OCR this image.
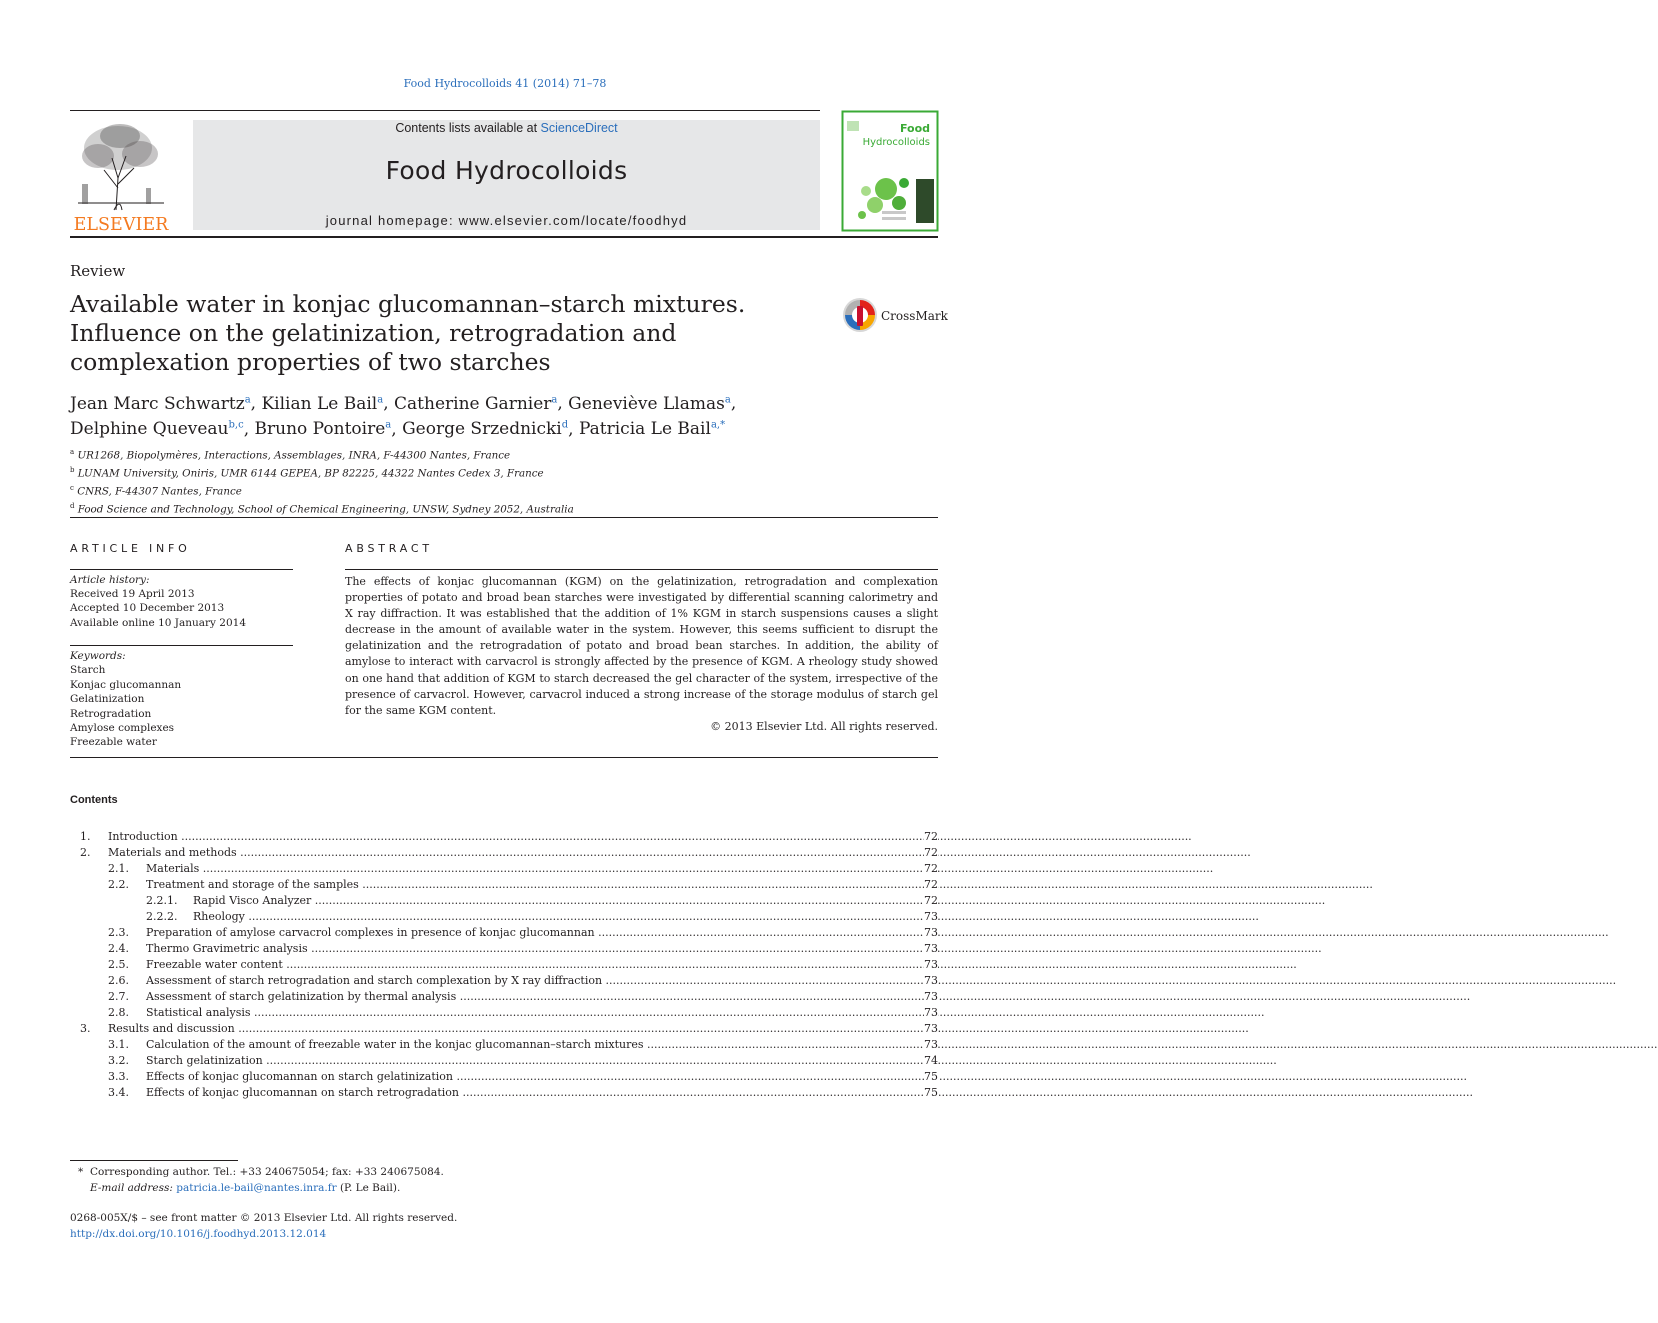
Food Hydrocolloids 41 (2014) 71–78
ELSEVIER
Contents lists available at ScienceDirect
Food Hydrocolloids
journal homepage: www.elsevier.com/locate/foodhyd
Food
Hydrocolloids
Review
Available water in konjac glucomannan–starch mixtures. Influence on the gelatinization, retrogradation and complexation properties of two starches
CrossMark
Jean Marc Schwartz$^a$, Kilian Le Bail$^a$, Catherine Garnier$^a$, Geneviève Llamas$^a$,
Delphine Queveau$^{b,c}$, Bruno Pontoire$^a$, George Srzednicki$^d$, Patricia Le Bail$^{a,*}$
$^a$ UR1268, Biopolymères, Interactions, Assemblages, INRA, F-44300 Nantes, France
$^b$ LUNAM University, Oniris, UMR 6144 GEPEA, BP 82225, 44322 Nantes Cedex 3, France
$^c$ CNRS, F-44307 Nantes, France
$^d$ Food Science and Technology, School of Chemical Engineering, UNSW, Sydney 2052, Australia
ARTICLE INFO	ABSTRACT
Article history:
Received 19 April 2013
Accepted 10 December 2013
Available online 10 January 2014
Keywords:
Starch
Konjac glucomannan
Gelatinization
Retrogradation
Amylose complexes
Freezable water
The effects of konjac glucomannan (KGM) on the gelatinization, retrogradation and complexation properties of potato and broad bean starches were investigated by differential scanning calorimetry and X ray diffraction. It was established that the addition of 1% KGM in starch suspensions causes a slight decrease in the amount of available water in the system. However, this seems sufficient to disrupt the gelatinization and the retrogradation of potato and broad bean starches. In addition, the ability of amylose to interact with carvacrol is strongly affected by the presence of KGM. A rheology study showed on one hand that addition of KGM to starch decreased the gel character of the system, irrespective of the presence of carvacrol. However, carvacrol induced a strong increase of the storage modulus of starch gel for the same KGM content.
© 2013 Elsevier Ltd. All rights reserved.
Contents
1. Introduction .....	72
2. Materials and methods .....	72
2.1. Materials .....	72
2.2. Treatment and storage of the samples .....	72
2.2.1. Rapid Visco Analyzer .....	72
2.2.2. Rheology .....	73
2.3. Preparation of amylose carvacrol complexes in presence of konjac glucomannan .....	73
2.4. Thermo Gravimetric analysis .....	73
2.5. Freezable water content .....	73
2.6. Assessment of starch retrogradation and starch complexation by X ray diffraction .....	73
2.7. Assessment of starch gelatinization by thermal analysis .....	73
2.8. Statistical analysis .....	73
3. Results and discussion .....	73
3.1. Calculation of the amount of freezable water in the konjac glucomannan–starch mixtures .....	73
3.2. Starch gelatinization .....	74
3.3. Effects of konjac glucomannan on starch gelatinization .....	75
3.4. Effects of konjac glucomannan on starch retrogradation .....	75
* Corresponding author. Tel.: +33 240675054; fax: +33 240675084.
E-mail address: patricia.le-bail@nantes.inra.fr (P. Le Bail).
0268-005X/$ – see front matter © 2013 Elsevier Ltd. All rights reserved.
http://dx.doi.org/10.1016/j.foodhyd.2013.12.014
